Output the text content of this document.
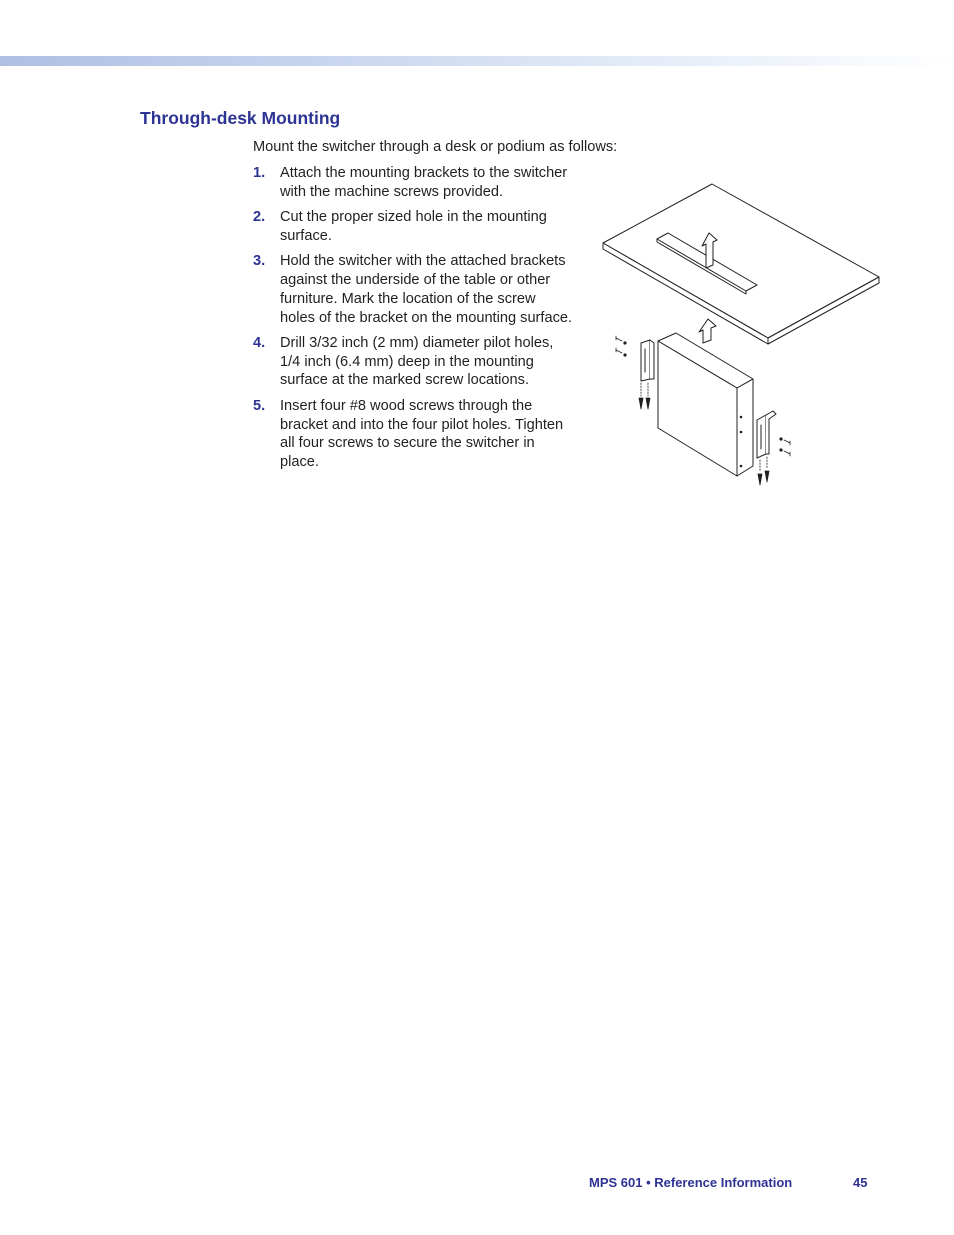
Through-desk Mounting

Mount the switcher through a desk or podium as follows:

1. Attach the mounting brackets to the switcher
with the machine screws provided.
2. Cut the proper sized hole in the mounting
surface.
3. Hold the switcher with the attached brackets
against the underside of the table or other
furniture. Mark the location of the screw
holes of the bracket on the mounting surface.
4. Drill 3/32 inch (2 mm) diameter pilot holes,
1/4 inch (6.4 mm) deep in the mounting
surface at the marked screw locations.
5. Insert four #8 wood screws through the
bracket and into the four pilot holes. Tighten
all four screws to secure the switcher in
place.
MPS 601 • Reference Information	45
